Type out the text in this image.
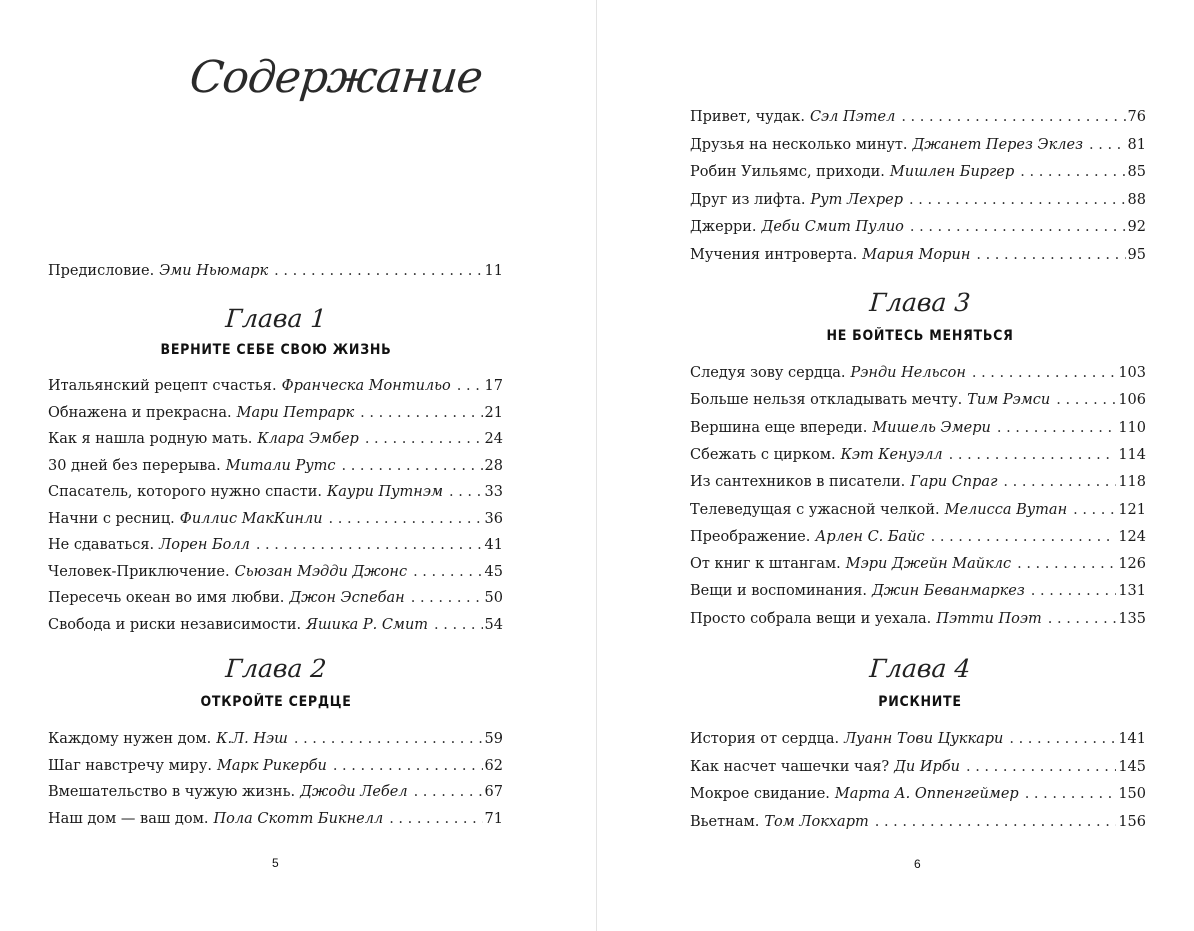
Содержание
Предисловие. Эми Ньюмарк . . .	11
Глава 1
ВЕРНИТЕ СЕБЕ СВОЮ ЖИЗНЬ
Итальянский рецепт счастья. Франческа Монтильо . . . 17
Обнажена и прекрасна. Мари Петрарк . . .	21
Как я нашла родную мать. Клара Эмбер . . .	24
30 дней без перерыва. Митали Рутс . . .	28
Спасатель, которого нужно спасти. Каури Путнэм . . .	33
Начни с ресниц. Филлис МакКинли . . .	36
Не сдаваться. Лорен Болл . . .	41
Человек-Приключение. Сьюзан Мэдди Джонс . . .	45
Пересечь океан во имя любви. Джон Эспебан . . .	50
Свобода и риски независимости. Яшика Р. Смит . . .	54
Глава 2
ОТКРОЙТЕ СЕРДЦЕ
Каждому нужен дом. К.Л. Нэш . . .	59
Шаг навстречу миру. Марк Рикерби . . .	62
Вмешательство в чужую жизнь. Джоди Лебел . . .	67
Наш дом — ваш дом. Пола Скотт Бикнелл . . .	71
5
Привет, чудак. Сэл Пэтел . . .	76
Друзья на несколько минут. Джанет Перез Эклез . . .	81
Робин Уильямс, приходи. Мишлен Биргер . . .	85
Друг из лифта. Рут Лехрер . . .	88
Джерри. Деби Смит Пулио . . .	92
Мучения интроверта. Мария Морин . . .	95
Глава 3
НЕ БОЙТЕСЬ МЕНЯТЬСЯ
Следуя зову сердца. Рэнди Нельсон . . .	103
Больше нельзя откладывать мечту. Тим Рэмси . . .	106
Вершина еще впереди. Мишель Эмери . . .	110
Сбежать с цирком. Кэт Кенуэлл . . .	114
Из сантехников в писатели. Гари Спраг . . .	118
Телеведущая с ужасной челкой. Мелисса Вутан . . .	121
Преображение. Арлен С. Байс . . .	124
От книг к штангам. Мэри Джейн Майклс . . .	126
Вещи и воспоминания. Джин Беванмаркез . . .	131
Просто собрала вещи и уехала. Пэтти Поэт . . .	135
Глава 4
РИСКНИТЕ
История от сердца. Луанн Тови Цуккари . . .	141
Как насчет чашечки чая? Ди Ирби . . .	145
Мокрое свидание. Марта А. Оппенгеймер . . .	150
Вьетнам. Том Локхарт . . .	156
6
